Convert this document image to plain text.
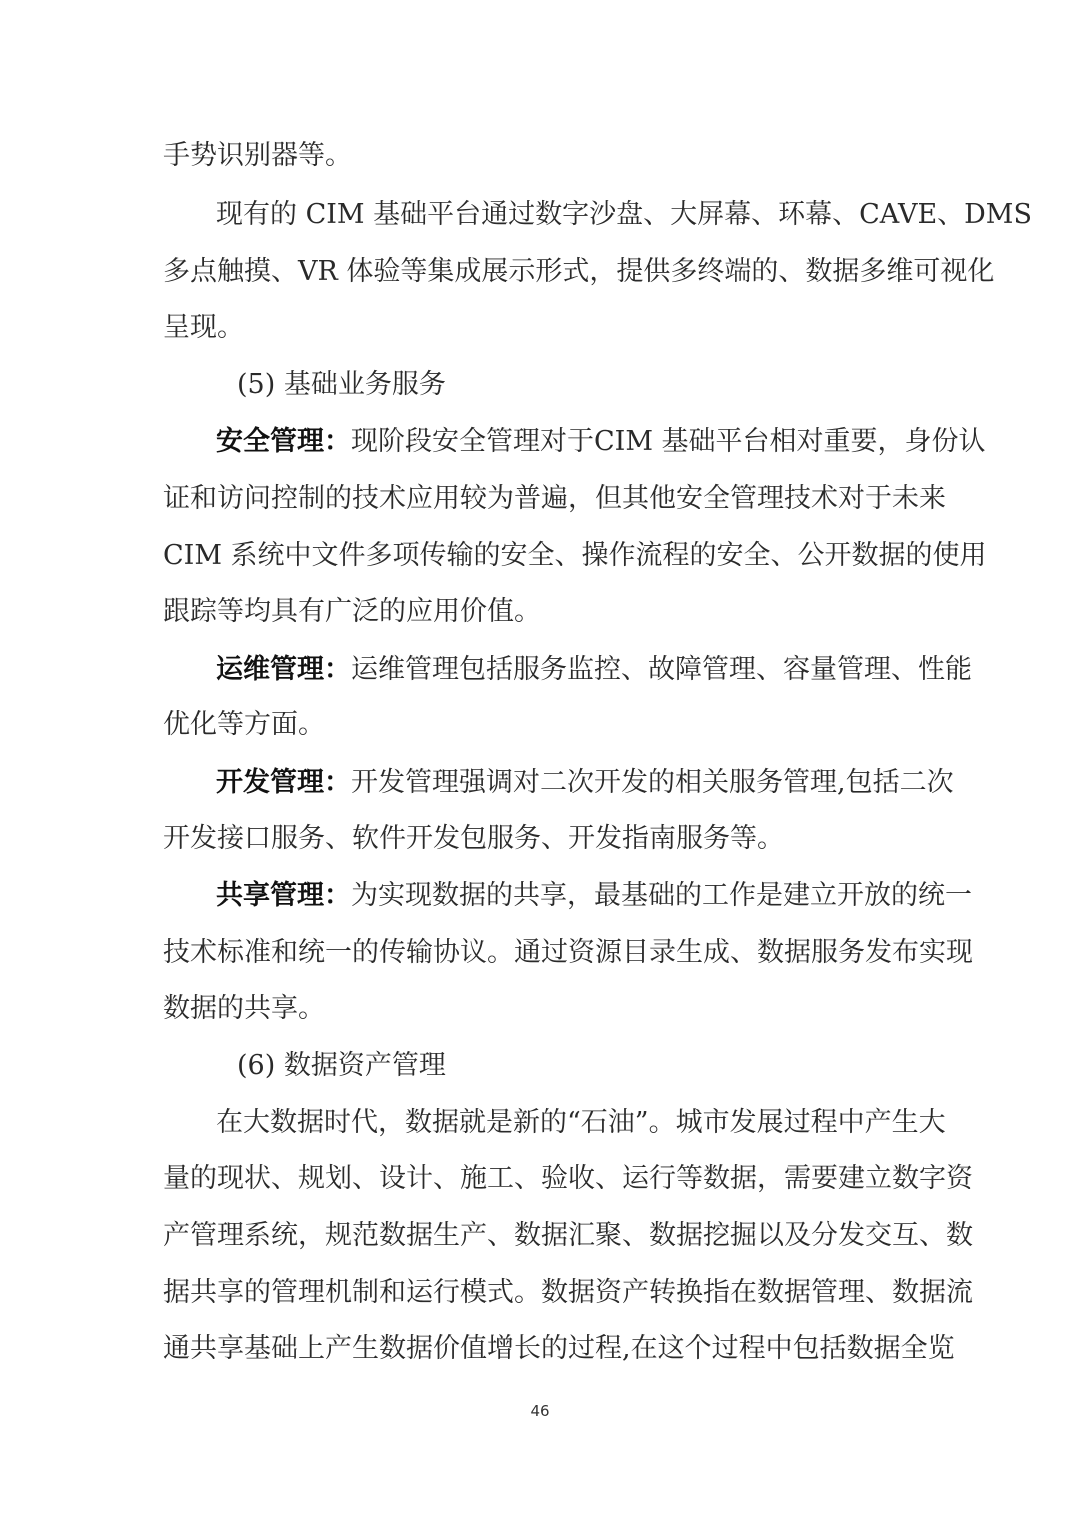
手势识别器等。
现有的 CIM 基础平台通过数字沙盘、大屏幕、环幕、CAVE、DMS
多点触摸、VR 体验等集成展示形式，提供多终端的、数据多维可视化
呈现。
(5) 基础业务服务
安全管理：现阶段安全管理对于CIM 基础平台相对重要，身份认
证和访问控制的技术应用较为普遍，但其他安全管理技术对于未来
CIM 系统中文件多项传输的安全、操作流程的安全、公开数据的使用
跟踪等均具有广泛的应用价值。
运维管理：运维管理包括服务监控、故障管理、容量管理、性能
优化等方面。
开发管理：开发管理强调对二次开发的相关服务管理,包括二次
开发接口服务、软件开发包服务、开发指南服务等。
共享管理：为实现数据的共享，最基础的工作是建立开放的统一
技术标准和统一的传输协议。通过资源目录生成、数据服务发布实现
数据的共享。
(6) 数据资产管理
在大数据时代，数据就是新的“石油”。城市发展过程中产生大
量的现状、规划、设计、施工、验收、运行等数据，需要建立数字资
产管理系统，规范数据生产、数据汇聚、数据挖掘以及分发交互、数
据共享的管理机制和运行模式。数据资产转换指在数据管理、数据流
通共享基础上产生数据价值增长的过程,在这个过程中包括数据全览
46
